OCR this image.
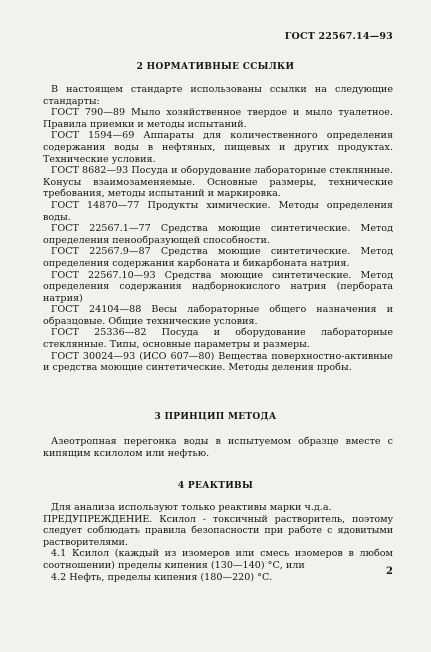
ГОСТ 22567.14—93
2 НОРМАТИВНЫЕ ССЫЛКИ

В настоящем стандарте использованы ссылки на следующие стандарты:

ГОСТ 790—89 Мыло хозяйственное твердое и мыло туалетное. Правила приемки и методы испытаний.

ГОСТ 1594—69 Аппараты для количественного определения содержания воды в нефтяных, пищевых и других продуктах. Технические условия.

ГОСТ 8682—93 Посуда и оборудование лабораторные стеклянные. Конусы взаимозаменяемые. Основные размеры, технические требования, методы испытаний и маркировка.

ГОСТ 14870—77 Продукты химические. Методы определения воды.

ГОСТ 22567.1—77 Средства моющие синтетические. Метод определения пенообразующей способности.

ГОСТ 22567.9—87 Средства моющие синтетические. Метод определения содержания карбоната и бикарбоната натрия.

ГОСТ 22567.10—93 Средства моющие синтетические. Метод определения содержания надборнокислого натрия (пербората натрия)

ГОСТ 24104—88 Весы лабораторные общего назначения и образцовые. Общие технические условия.

ГОСТ 25336—82 Посуда и оборудование лабораторные стеклянные. Типы, основные параметры и размеры.

ГОСТ 30024—93 (ИСО 607—80) Вещества поверхностно-активные и средства моющие синтетические. Методы деления пробы.

3 ПРИНЦИП МЕТОДА

Азеотропная перегонка воды в испытуемом образце вместе с кипящим ксилолом или нефтью.

4 РЕАКТИВЫ

Для анализа используют только реактивы марки ч.д.а.

ПРЕДУПРЕЖДЕНИЕ. Ксилол - токсичный растворитель, поэтому следует соблюдать правила безопасности при работе с ядовитыми растворителями.

4.1 Ксилол (каждый из изомеров или смесь изомеров в любом соотношении) пределы кипения (130—140) °С, или

4.2 Нефть, пределы кипения (180—220) °С.

2
